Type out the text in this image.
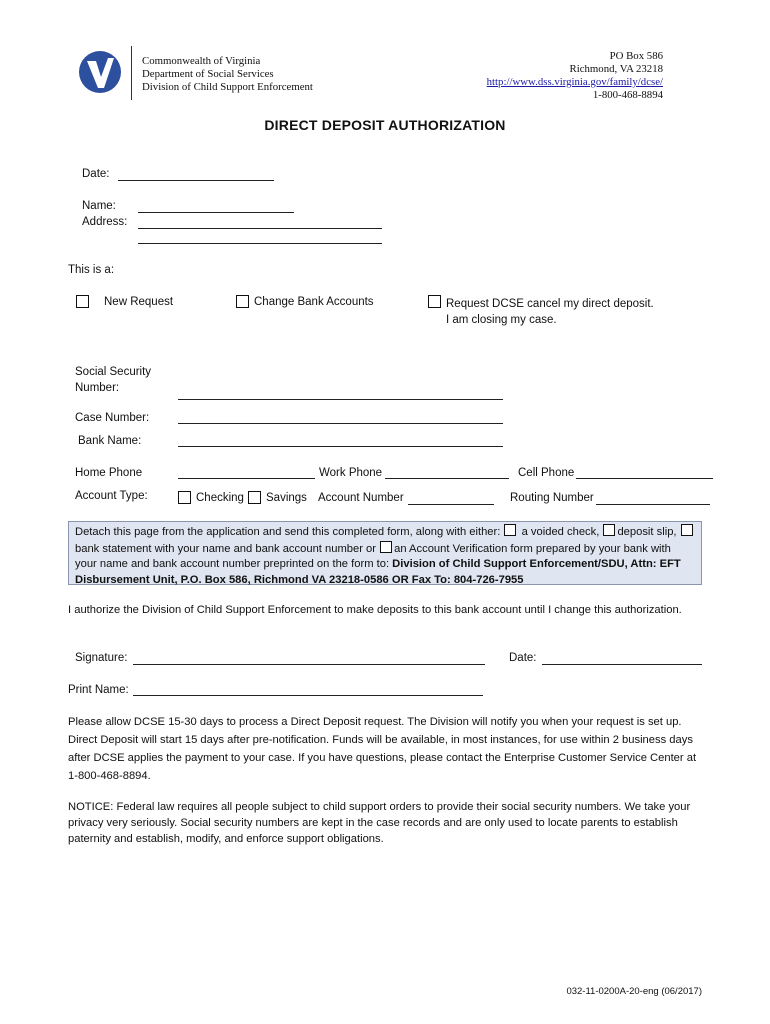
Commonwealth of Virginia
Department of Social Services
Division of Child Support Enforcement
PO Box 586
Richmond, VA 23218
http://www.dss.virginia.gov/family/dcse/
1-800-468-8894
DIRECT DEPOSIT AUTHORIZATION
Date:
Name:
Address:
This is a:
New Request	Change Bank Accounts	Request DCSE cancel my direct deposit.
I am closing my case.
Social Security
Number:
Case Number:
Bank Name:
Home Phone	Work Phone	Cell Phone
Account Type:	Checking Savings Account Number	Routing Number
Detach this page from the application and send this completed form, along with either:  a voided check, deposit slip, bank statement with your name and bank account number or an Account Verification form prepared by your bank with your name and bank account number preprinted on the form to: Division of Child Support Enforcement/SDU, Attn: EFT Disbursement Unit, P.O. Box 586, Richmond VA 23218-0586 OR Fax To: 804-726-7955
I authorize the Division of Child Support Enforcement to make deposits to this bank account until I change this authorization.
Signature:	Date:
Print Name:
Please allow DCSE 15-30 days to process a Direct Deposit request. The Division will notify you when your request is set up. Direct Deposit will start 15 days after pre-notification. Funds will be available, in most instances, for use within 2 business days after DCSE applies the payment to your case. If you have questions, please contact the Enterprise Customer Service Center at 1-800-468-8894.
NOTICE: Federal law requires all people subject to child support orders to provide their social security numbers. We take your privacy very seriously. Social security numbers are kept in the case records and are only used to locate parents to establish paternity and establish, modify, and enforce support obligations.
032-11-0200A-20-eng (06/2017)
